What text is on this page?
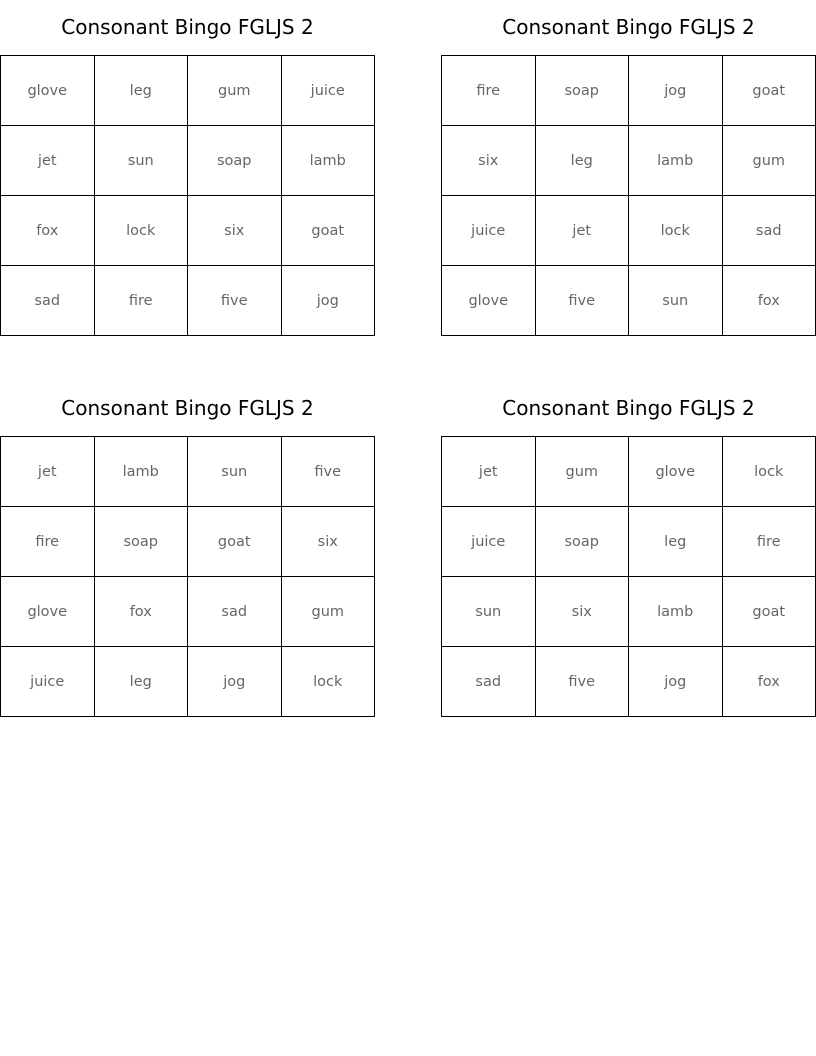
Consonant Bingo FGLJS 2
glove	leg	gum	juice
jet	sun	soap	lamb
fox	lock	six	goat
sad	fire	five	jog
Consonant Bingo FGLJS 2
fire	soap	jog	goat
six	leg	lamb	gum
juice	jet	lock	sad
glove	five	sun	fox
Consonant Bingo FGLJS 2
jet	lamb	sun	five
fire	soap	goat	six
glove	fox	sad	gum
juice	leg	jog	lock
Consonant Bingo FGLJS 2
jet	gum	glove	lock
juice	soap	leg	fire
sun	six	lamb	goat
sad	five	jog	fox
